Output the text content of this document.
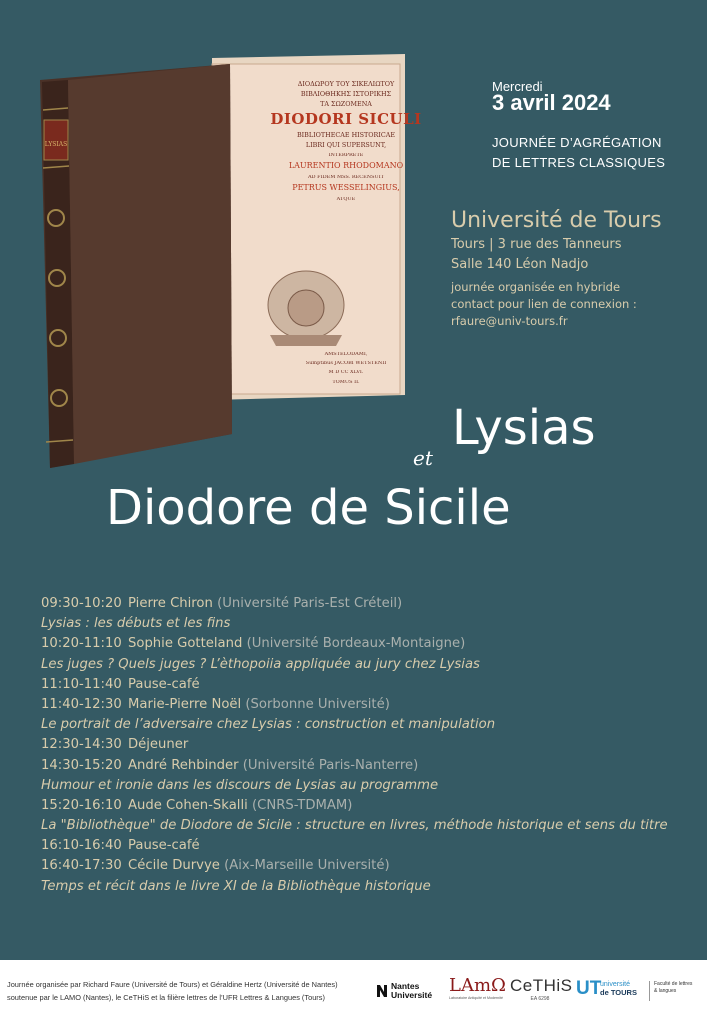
LYSIAS
ΔΙΟΔΩΡΟΥ ΤΟΥ ΣΙΚΕΛΙΩΤΟΥ
ΒΙΒΛΙΟΘΗΚΗΣ ΙΣΤΟΡΙΚΗΣ
ΤΑ ΣΩΖΟΜΕΝΑ
DIODORI SICULI
BIBLIOTHECAE HISTORICAE
LIBRI QUI SUPERSUNT,
INTERPRETE
LAURENTIO RHODOMANO
AD FIDEM MSS. RECENSUIT
PETRUS WESSELINGIUS,
ATQUE
AMSTELODAMI,
Sumptibus JACOBI WETSTENII
M D CC XLVI.
TOMUS II.
Mercredi
3 avril 2024
JOURNÉE D’AGRÉGATION
DE LETTRES CLASSIQUES
Université de Tours
Tours | 3 rue des Tanneurs
Salle 140 Léon Nadjo
journée organisée en hybride
contact pour lien de connexion :
rfaure@univ-tours.fr
Lysias
et
Diodore de Sicile
09:30-10:20 Pierre Chiron (Université Paris-Est Créteil)
Lysias : les débuts et les fins
10:20-11:10 Sophie Gotteland (Université Bordeaux-Montaigne)
Les juges ? Quels juges ? L’èthopoiia appliquée au jury chez Lysias
11:10-11:40 Pause-café
11:40-12:30 Marie-Pierre Noël (Sorbonne Université)
Le portrait de l’adversaire chez Lysias : construction et manipulation
12:30-14:30 Déjeuner
14:30-15:20 André Rehbinder (Université Paris-Nanterre)
Humour et ironie dans les discours de Lysias au programme
15:20-16:10 Aude Cohen-Skalli (CNRS-TDMAM)
La "Bibliothèque" de Diodore de Sicile : structure en livres, méthode historique et sens du titre
16:10-16:40 Pause-café
16:40-17:30 Cécile Durvye (Aix-Marseille Université)
Temps et récit dans le livre XI de la Bibliothèque historique
Journée organisée par Richard Faure (Université de Tours) et Géraldine Hertz (Université de Nantes)
soutenue par le LAMO (Nantes), le CeTHiS et la filière lettres de l’UFR Lettres & Langues (Tours)
Nantes
Université LAmΩ
Laboratoire Antiquité et Modernité
CeTHiS
EA 6298	UT
université
de TOURS
Faculté de lettres
& langues
